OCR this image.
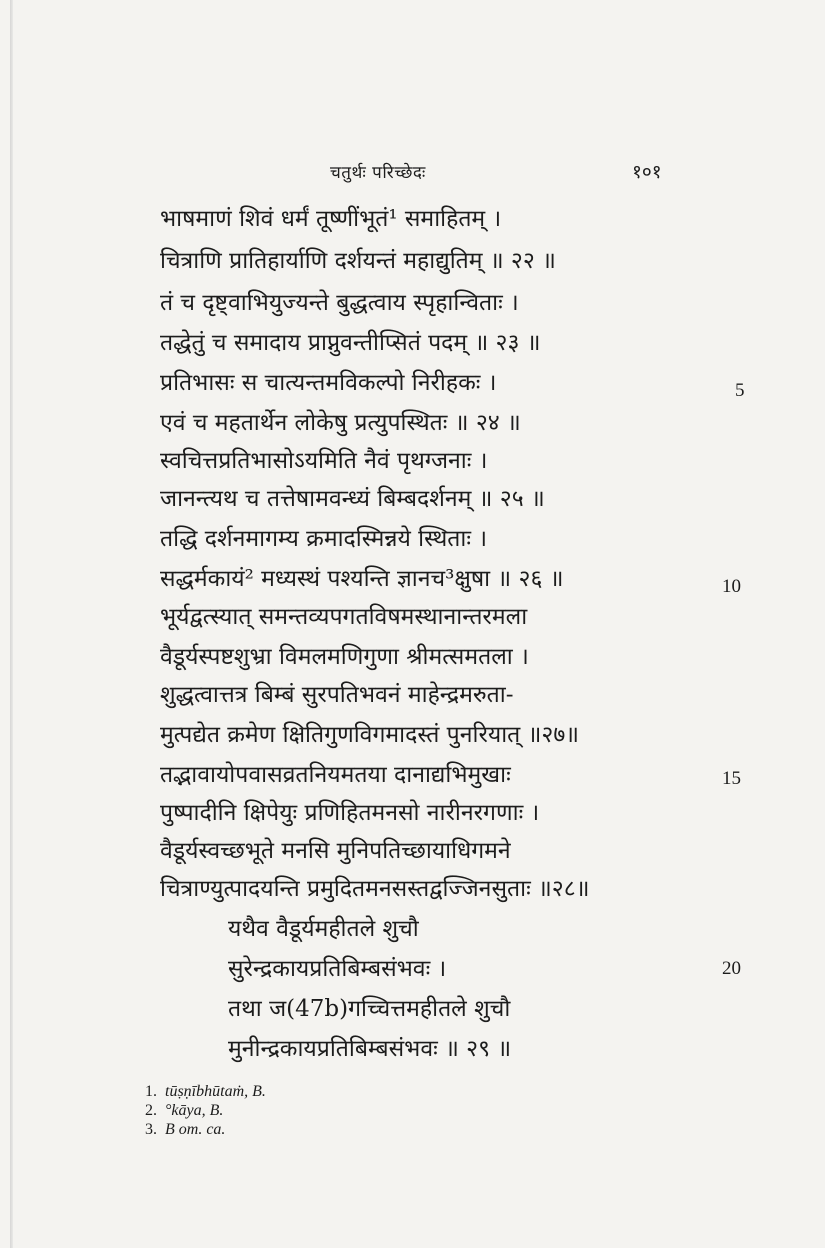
चतुर्थः परिच्छेदः	१०१
भाषमाणं शिवं धर्मं तूष्णींभूतं¹ समाहितम् ।
चित्राणि प्रातिहार्याणि दर्शयन्तं महाद्युतिम् ॥ २२ ॥
तं च दृष्ट्वाभियुज्यन्ते बुद्धत्वाय स्पृहान्विताः ।
तद्धेतुं च समादाय प्राप्नुवन्तीप्सितं पदम् ॥ २३ ॥
प्रतिभासः स चात्यन्तमविकल्पो निरीहकः ।
एवं च महतार्थेन लोकेषु प्रत्युपस्थितः ॥ २४ ॥
स्वचित्तप्रतिभासोऽयमिति नैवं पृथग्जनाः ।
जानन्त्यथ च तत्तेषामवन्ध्यं बिम्बदर्शनम् ॥ २५ ॥
तद्धि दर्शनमागम्य क्रमादस्मिन्नये स्थिताः ।
सद्धर्मकायं² मध्यस्थं पश्यन्ति ज्ञानच³क्षुषा ॥ २६ ॥
भूर्यद्वत्स्यात् समन्तव्यपगतविषमस्थानान्तरमला
वैडूर्यस्पष्टशुभ्रा विमलमणिगुणा श्रीमत्समतला ।
शुद्धत्वात्तत्र बिम्बं सुरपतिभवनं माहेन्द्रमरुता-
मुत्पद्येत क्रमेण क्षितिगुणविगमादस्तं पुनरियात् ॥२७॥
तद्भावायोपवासव्रतनियमतया दानाद्यभिमुखाः
पुष्पादीनि क्षिपेयुः प्रणिहितमनसो नारीनरगणाः ।
वैडूर्यस्वच्छभूते मनसि मुनिपतिच्छायाधिगमने
चित्राण्युत्पादयन्ति प्रमुदितमनसस्तद्वज्जिनसुताः ॥२८॥
यथैव वैडूर्यमहीतले शुचौ
सुरेन्द्रकायप्रतिबिम्बसंभवः ।
तथा ज(47b)गच्चित्तमहीतले शुचौ
मुनीन्द्रकायप्रतिबिम्बसंभवः ॥ २९ ॥
5
10
15
20
1. tūṣṇībhūtaṁ, B.
2. °kāya, B.
3. B om. ca.
